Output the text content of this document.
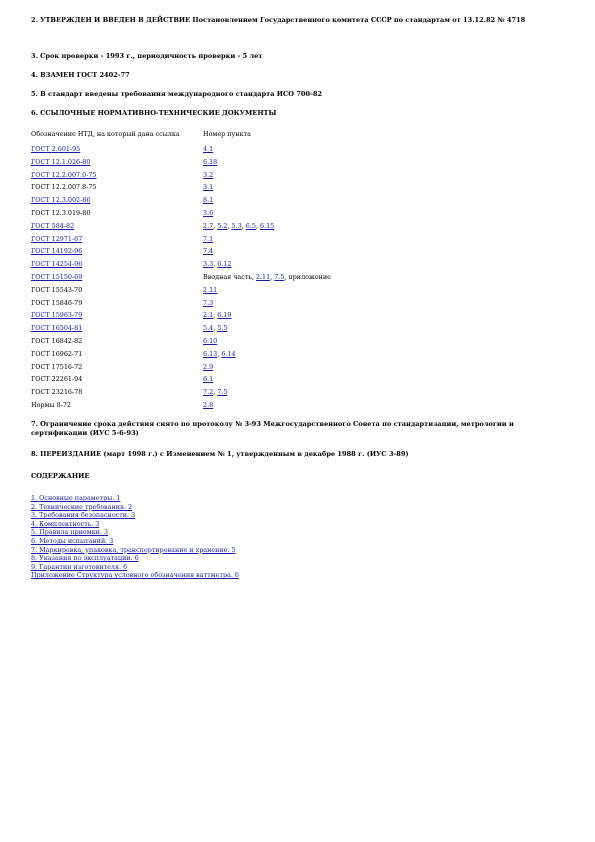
2. УТВЕРЖДЕН И ВВЕДЕН В ДЕЙСТВИЕ Постановлением Государственного комитета СССР по стандартам от 13.12.82 № 4718

3. Срок проверки - 1993 г., периодичность проверки - 5 лет

4. ВЗАМЕН ГОСТ 2402-77

5. В стандарт введены требования международного стандарта ИСО 700-82

6. ССЫЛОЧНЫЕ НОРМАТИВНО-ТЕХНИЧЕСКИЕ ДОКУМЕНТЫ

Обозначение НТД, на который дана ссылка	Номер пункта
ГОСТ 2.601-95	4.1
ГОСТ 12.1.026-80	6.18
ГОСТ 12.2.007.0-75	3.2
ГОСТ 12.2.007.8-75	3.1
ГОСТ 12.3.002-86	8.1
ГОСТ 12.3.019-80	3.6
ГОСТ 584-82	2.7, 5.2, 5.3, 6.5, 6.15
ГОСТ 12971-67	7.1
ГОСТ 14192-96	7.4
ГОСТ 14254-96	3.3, 6.12
ГОСТ 15150-69	Вводная часть, 2.11, 7.5, приложение
ГОСТ 15543-70	2.11
ГОСТ 15846-79	7.3
ГОСТ 15963-79	2.1, 6.19
ГОСТ 16504-81	5.4, 5.5
ГОСТ 16842-82	6.10
ГОСТ 16962-71	6.13, 6.14
ГОСТ 17516-72	2.9
ГОСТ 22261-94	6.1
ГОСТ 23216-78	7.2, 7.5
Нормы 8-72	2.8

7. Ограничение срока действия снято по протоколу № 3-93 Межгосударственного Совета по стандартизации, метрологии и сертификации (ИУС 5-6-93)

8. ПЕРЕИЗДАНИЕ (март 1998 г.) с Изменением № 1, утвержденным в декабре 1988 г. (ИУС 3-89)

СОДЕРЖАНИЕ

1. Основные параметры. 1
2. Технические требования. 2
3. Требования безопасности. 3
4. Комплектность. 3
5. Правила приемки. 3
6. Методы испытаний. 3
7. Маркировка, упаковка, транспортирование и хранение. 5
8. Указания по эксплуатации. 6
9. Гарантии изготовителя. 6
Приложение Структура условного обозначения ваттметра. 6
